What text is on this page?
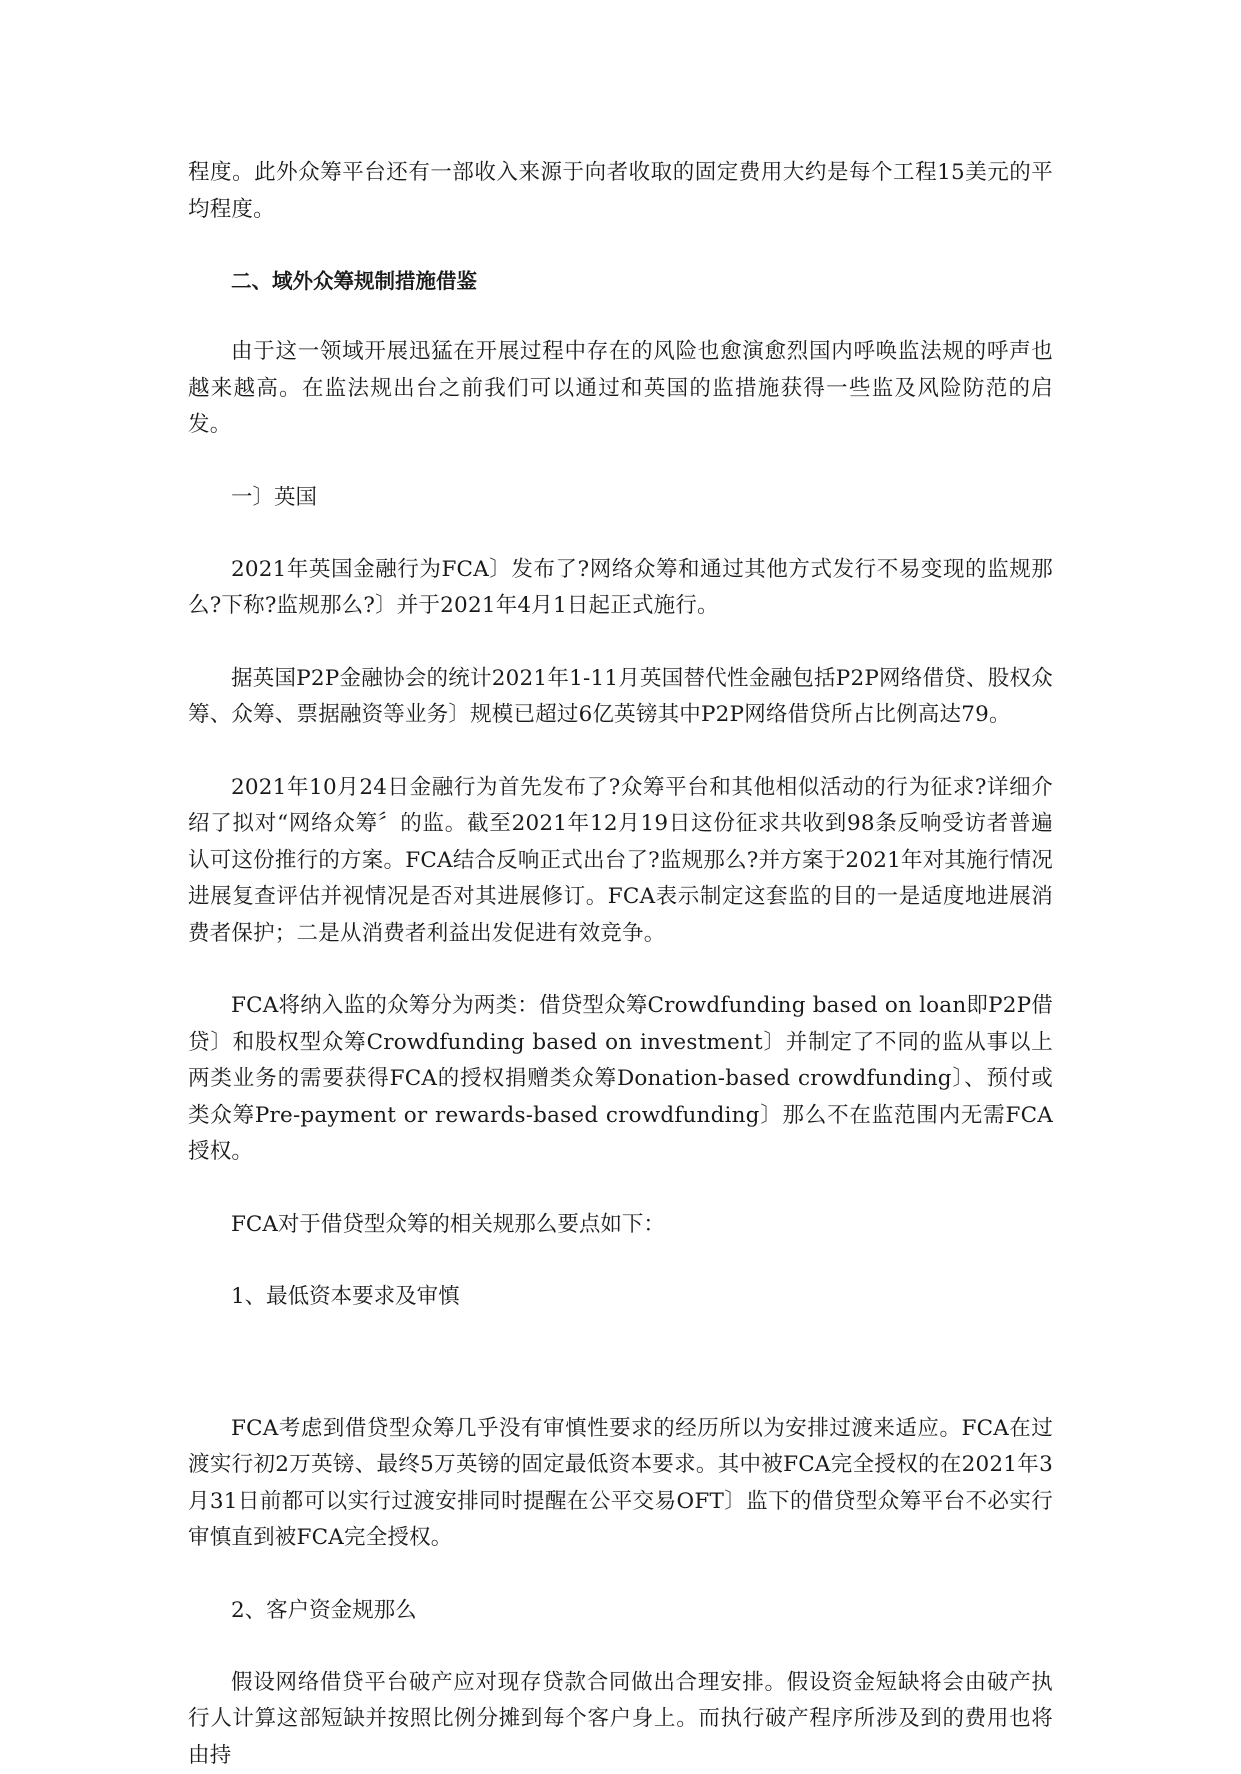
程度。此外众筹平台还有一部收入来源于向者收取的固定费用大约是每个工程15美元的平均程度。

二、域外众筹规制措施借鉴

由于这一领域开展迅猛在开展过程中存在的风险也愈演愈烈国内呼唤监法规的呼声也越来越高。在监法规出台之前我们可以通过和英国的监措施获得一些监及风险防范的启发。

一〕英国

2021年英国金融行为FCA〕发布了?网络众筹和通过其他方式发行不易变现的监规那么?下称?监规那么?〕并于2021年4月1日起正式施行。

据英国P2P金融协会的统计2021年1-11月英国替代性金融包括P2P网络借贷、股权众筹、众筹、票据融资等业务〕规模已超过6亿英镑其中P2P网络借贷所占比例高达79。

2021年10月24日金融行为首先发布了?众筹平台和其他相似活动的行为征求?详细介绍了拟对“网络众筹〞的监。截至2021年12月19日这份征求共收到98条反响受访者普遍认可这份推行的方案。FCA结合反响正式出台了?监规那么?并方案于2021年对其施行情况进展复查评估并视情况是否对其进展修订。FCA表示制定这套监的目的一是适度地进展消费者保护；二是从消费者利益出发促进有效竞争。

FCA将纳入监的众筹分为两类：借贷型众筹Crowdfunding based on loan即P2P借贷〕和股权型众筹Crowdfunding based on investment〕并制定了不同的监从事以上两类业务的需要获得FCA的授权捐赠类众筹Donation-based crowdfunding〕、预付或类众筹Pre-payment or rewards-based crowdfunding〕那么不在监范围内无需FCA授权。

FCA对于借贷型众筹的相关规那么要点如下：

1、最低资本要求及审慎

FCA考虑到借贷型众筹几乎没有审慎性要求的经历所以为安排过渡来适应。FCA在过渡实行初2万英镑、最终5万英镑的固定最低资本要求。其中被FCA完全授权的在2021年3月31日前都可以实行过渡安排同时提醒在公平交易OFT〕监下的借贷型众筹平台不必实行审慎直到被FCA完全授权。

2、客户资金规那么

假设网络借贷平台破产应对现存贷款合同做出合理安排。假设资金短缺将会由破产执行人计算这部短缺并按照比例分摊到每个客户身上。而执行破产程序所涉及到的费用也将由持
